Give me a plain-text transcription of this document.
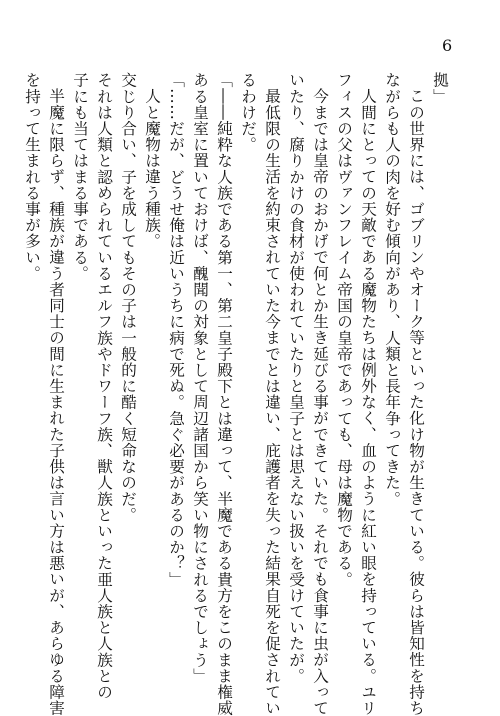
6
拠」
この世界には、ゴブリンやオーク等といった化け物が生きている。彼らは皆知性を持ち
ながらも人の肉を好む傾向があり、人類と長年争ってきた。
人間にとっての天敵である魔物たちは例外なく、血のように紅い眼を持っている。ユリ
フィスの父はヴァンフレイム帝国の皇帝であっても、母は魔物である。
今までは皇帝のおかげで何とか生き延びる事ができていた。それでも食事に虫が入って
いたり、腐りかけの食材が使われていたりと皇子とは思えない扱いを受けていたが。
最低限の生活を約束されていた今までとは違い、庇護者を失った結果自死を促されてい
るわけだ。
「――純粋な人族である第一、第二皇子殿下とは違って、半魔である貴方をこのまま権威
ある皇室に置いておけば、醜聞の対象として周辺諸国から笑い物にされるでしょう」
「……だが、どうせ俺は近いうちに病で死ぬ。急ぐ必要があるのか？」
人と魔物は違う種族。
交じり合い、子を成してもその子は一般的に酷く短命なのだ。
それは人類と認められているエルフ族やドワーフ族、獣人族といった亜人族と人族との
子にも当てはまる事である。
半魔に限らず、種族が違う者同士の間に生まれた子供は言い方は悪いが、あらゆる障害
を持って生まれる事が多い。
